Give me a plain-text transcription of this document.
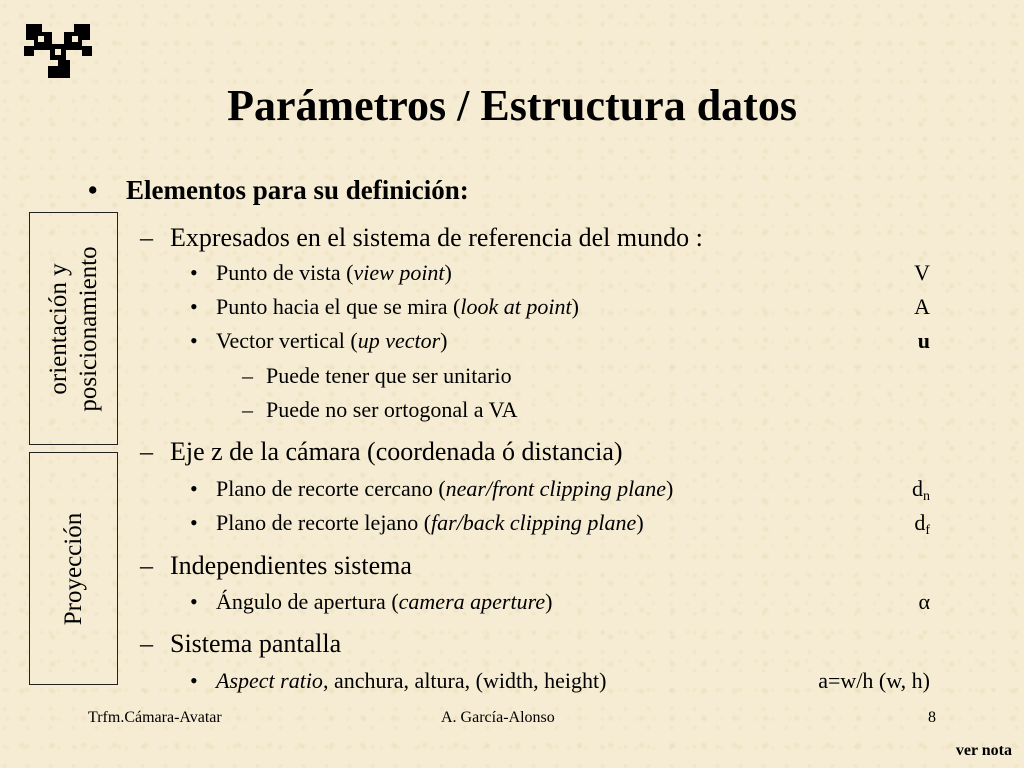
Parámetros / Estructura datos
• Elementos para su definición:
– Expresados en el sistema de referencia del mundo :
• Punto de vista (view point)	V
• Punto hacia el que se mira (look at point)	A
• Vector vertical (up vector)	u
– Puede tener que ser unitario
– Puede no ser ortogonal a VA
– Eje z de la cámara (coordenada ó distancia)
• Plano de recorte cercano (near/front clipping plane)	$d_n$
• Plano de recorte lejano (far/back clipping plane)	$d_f$
– Independientes sistema
• Ángulo de apertura (camera aperture)	α
– Sistema pantalla
• Aspect ratio, anchura, altura, (width, height)	a=w/h (w, h)
orientación y posicionamiento
Proyección
Trfm.Cámara-Avatar	A. García-Alonso	8
ver nota
